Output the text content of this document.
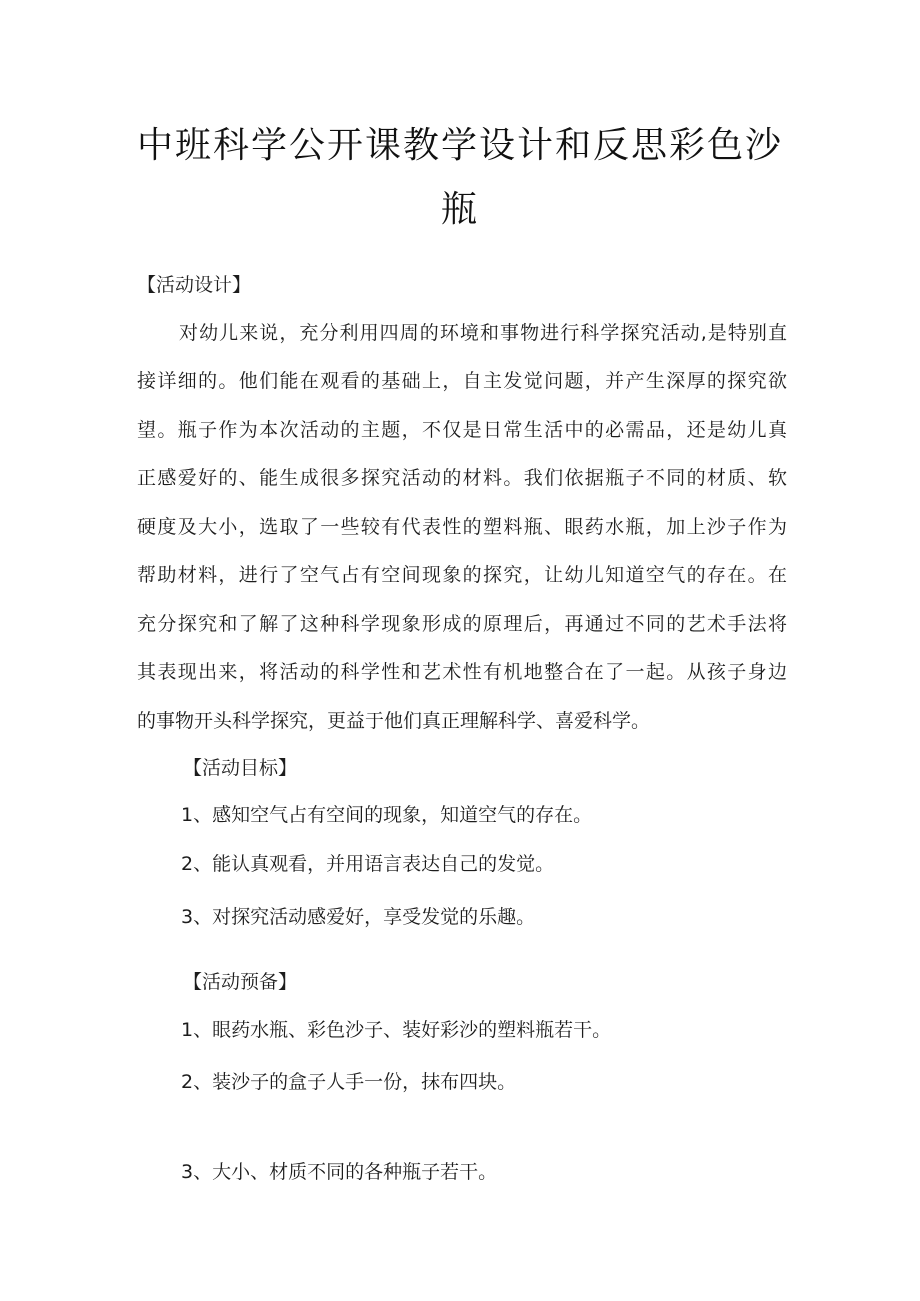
中班科学公开课教学设计和反思彩色沙
瓶
【活动设计】
对幼儿来说，充分利用四周的环境和事物进行科学探究活动,是特别直
接详细的。他们能在观看的基础上，自主发觉问题，并产生深厚的探究欲
望。瓶子作为本次活动的主题，不仅是日常生活中的必需品，还是幼儿真
正感爱好的、能生成很多探究活动的材料。我们依据瓶子不同的材质、软
硬度及大小，选取了一些较有代表性的塑料瓶、眼药水瓶，加上沙子作为
帮助材料，进行了空气占有空间现象的探究，让幼儿知道空气的存在。在
充分探究和了解了这种科学现象形成的原理后，再通过不同的艺术手法将
其表现出来，将活动的科学性和艺术性有机地整合在了一起。从孩子身边
的事物开头科学探究，更益于他们真正理解科学、喜爱科学。
【活动目标】
1、感知空气占有空间的现象，知道空气的存在。
2、能认真观看，并用语言表达自己的发觉。
3、对探究活动感爱好，享受发觉的乐趣。
【活动预备】
1、眼药水瓶、彩色沙子、装好彩沙的塑料瓶若干。
2、装沙子的盒子人手一份，抹布四块。
3、大小、材质不同的各种瓶子若干。
